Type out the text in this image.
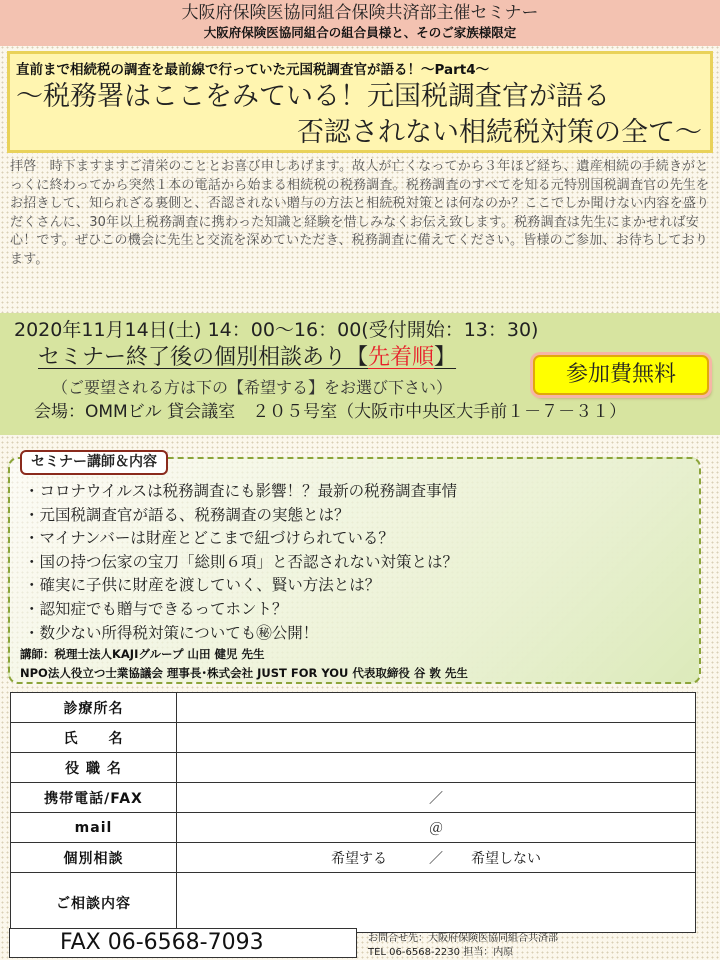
大阪府保険医協同組合保険共済部主催セミナー
大阪府保険医協同組合の組合員様と、そのご家族様限定
直前まで相続税の調査を最前線で行っていた元国税調査官が語る！～Part4～
～税務署はここをみている！元国税調査官が語る
否認されない相続税対策の全て～

拝啓　時下ますますご清栄のこととお喜び申しあげます。故人が亡くなってから３年ほど経ち、遺産相続の手続きがとっくに終わってから突然１本の電話から始まる相続税の税務調査。税務調査のすべてを知る元特別国税調査官の先生をお招きして、知られざる裏側と、否認されない贈与の方法と相続税対策とは何なのか？ここでしか聞けない内容を盛りだくさんに、30年以上税務調査に携わった知識と経験を惜しみなくお伝え致します。税務調査は先生にまかせれば安心！です。ぜひこの機会に先生と交流を深めていただき、税務調査に備えてください。皆様のご参加、お待ちしております。

2020年11月14日(土) 14：00～16：00(受付開始：13：30)
セミナー終了後の個別相談あり【先着順】
（ご要望される方は下の【希望する】をお選び下さい）
会場：OMMビル 貸会議室　２０５号室（大阪市中央区大手前１－７－３１）
参加費無料
セミナー講師＆内容
・コロナウイルスは税務調査にも影響！？最新の税務調査事情
・元国税調査官が語る、税務調査の実態とは？
・マイナンバーは財産とどこまで紐づけられている？
・国の持つ伝家の宝刀「総則６項」と否認されない対策とは？
・確実に子供に財産を渡していく、賢い方法とは？
・認知症でも贈与できるってホント？
・数少ない所得税対策についても㊙公開！
講師：税理士法人KAJIグループ 山田 健児 先生
NPO法人役立つ士業協議会 理事長･株式会社 JUST FOR YOU 代表取締役 谷 敦 先生
診療所名	
氏　　名	
役 職 名	
携帯電話/FAX	／
mail	＠
個別相談	希望する　　　／　　希望しない
ご相談内容	
FAX 06-6568-7093	お問合せ先：大阪府保険医協同組合共済部
TEL 06-6568-2230 担当：内原
